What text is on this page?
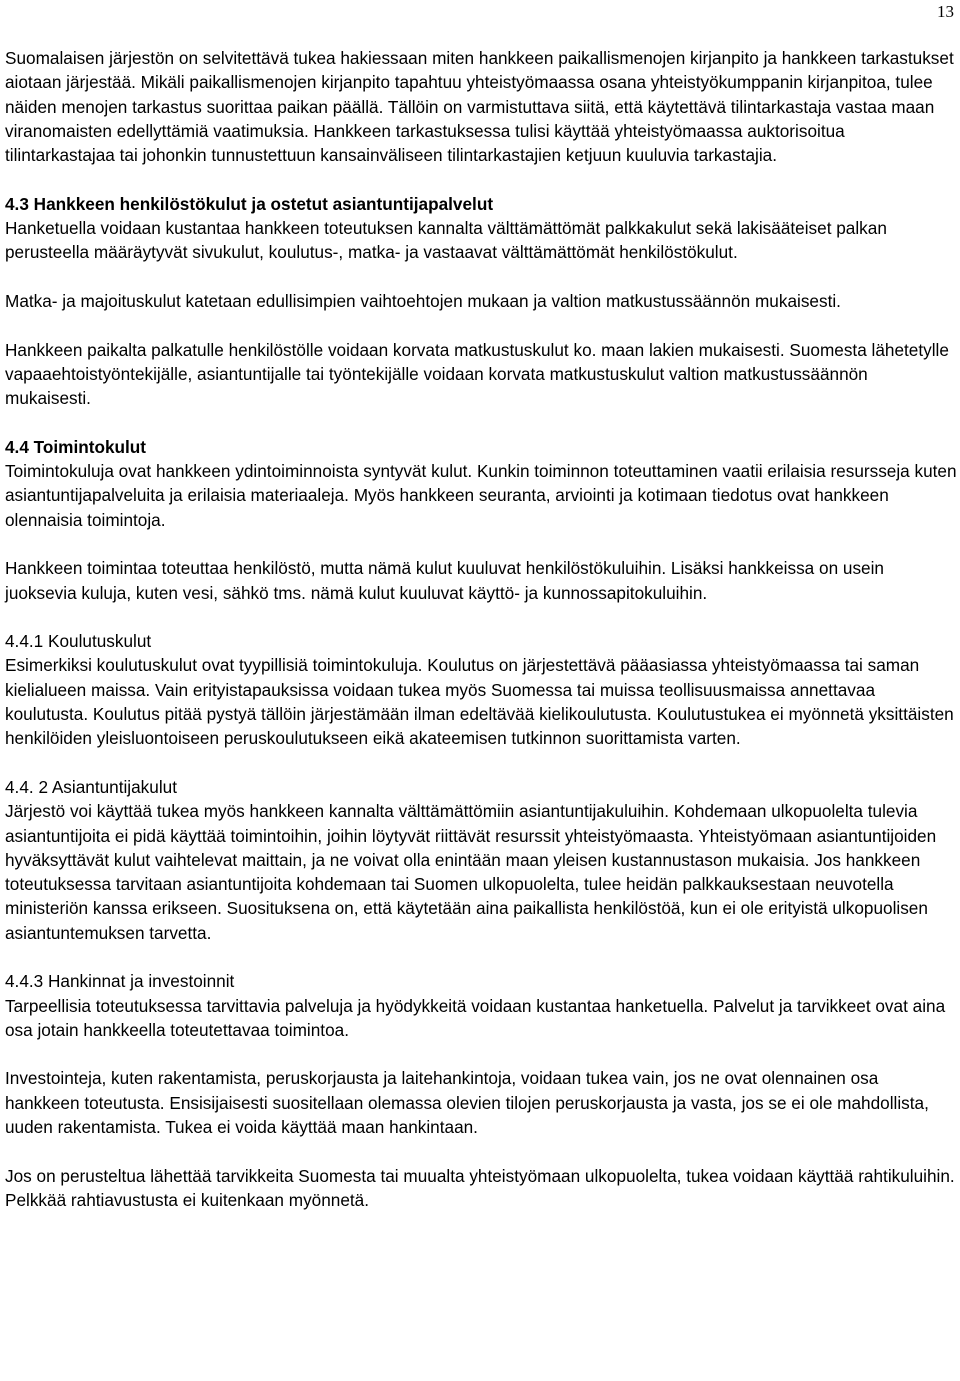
13

Suomalaisen järjestön on selvitettävä tukea hakiessaan miten hankkeen paikallismenojen kirjanpito ja hankkeen tarkastukset aiotaan järjestää. Mikäli paikallismenojen kirjanpito tapahtuu yhteistyömaassa osana yhteistyökumppanin kirjanpitoa, tulee näiden menojen tarkastus suorittaa paikan päällä. Tällöin on varmistuttava siitä, että käytettävä tilintarkastaja vastaa maan viranomaisten edellyttämiä vaatimuksia. Hankkeen tarkastuksessa tulisi käyttää yhteistyömaassa auktorisoitua tilintarkastajaa tai johonkin tunnustettuun kansainväliseen tilintarkastajien ketjuun kuuluvia tarkastajia.

4.3 Hankkeen henkilöstökulut ja ostetut asiantuntijapalvelut

Hanketuella voidaan kustantaa hankkeen toteutuksen kannalta välttämättömät palkkakulut sekä lakisääteiset palkan perusteella määräytyvät sivukulut, koulutus-, matka- ja vastaavat välttämättömät henkilöstökulut.

Matka- ja majoituskulut katetaan edullisimpien vaihtoehtojen mukaan ja valtion matkustussäännön mukaisesti.

Hankkeen paikalta palkatulle henkilöstölle voidaan korvata matkustuskulut ko. maan lakien mukaisesti. Suomesta lähetetylle vapaaehtoistyöntekijälle, asiantuntijalle tai työntekijälle voidaan korvata matkustuskulut valtion matkustussäännön mukaisesti.

4.4 Toimintokulut

Toimintokuluja ovat hankkeen ydintoiminnoista syntyvät kulut. Kunkin toiminnon toteuttaminen vaatii erilaisia resursseja kuten asiantuntijapalveluita ja erilaisia materiaaleja. Myös hankkeen seuranta, arviointi ja kotimaan tiedotus ovat hankkeen olennaisia toimintoja.

Hankkeen toimintaa toteuttaa henkilöstö, mutta nämä kulut kuuluvat henkilöstökuluihin. Lisäksi hankkeissa on usein juoksevia kuluja, kuten vesi, sähkö tms. nämä kulut kuuluvat käyttö- ja kunnossapitokuluihin.

4.4.1 Koulutuskulut

Esimerkiksi koulutuskulut ovat tyypillisiä toimintokuluja. Koulutus on järjestettävä pääasiassa yhteistyömaassa tai saman kielialueen maissa. Vain erityistapauksissa voidaan tukea myös Suomessa tai muissa teollisuusmaissa annettavaa koulutusta. Koulutus pitää pystyä tällöin järjestämään ilman edeltävää kielikoulutusta. Koulutustukea ei myönnetä yksittäisten henkilöiden yleisluontoiseen peruskoulutukseen eikä akateemisen tutkinnon suorittamista varten.

4.4. 2 Asiantuntijakulut

Järjestö voi käyttää tukea myös hankkeen kannalta välttämättömiin asiantuntijakuluihin. Kohdemaan ulkopuolelta tulevia asiantuntijoita ei pidä käyttää toimintoihin, joihin löytyvät riittävät resurssit yhteistyömaasta. Yhteistyömaan asiantuntijoiden hyväksyttävät kulut vaihtelevat maittain, ja ne voivat olla enintään maan yleisen kustannustason mukaisia. Jos hankkeen toteutuksessa tarvitaan asiantuntijoita kohdemaan tai Suomen ulkopuolelta, tulee heidän palkkauksestaan neuvotella ministeriön kanssa erikseen. Suosituksena on, että käytetään aina paikallista henkilöstöä, kun ei ole erityistä ulkopuolisen asiantuntemuksen tarvetta.

4.4.3 Hankinnat ja investoinnit

Tarpeellisia toteutuksessa tarvittavia palveluja ja hyödykkeitä voidaan kustantaa hanketuella. Palvelut ja tarvikkeet ovat aina osa jotain hankkeella toteutettavaa toimintoa.

Investointeja, kuten rakentamista, peruskorjausta ja laitehankintoja, voidaan tukea vain, jos ne ovat olennainen osa hankkeen toteutusta. Ensisijaisesti suositellaan olemassa olevien tilojen peruskorjausta ja vasta, jos se ei ole mahdollista, uuden rakentamista. Tukea ei voida käyttää maan hankintaan.

Jos on perusteltua lähettää tarvikkeita Suomesta tai muualta yhteistyömaan ulkopuolelta, tukea voidaan käyttää rahtikuluihin. Pelkkää rahtiavustusta ei kuitenkaan myönnetä.
